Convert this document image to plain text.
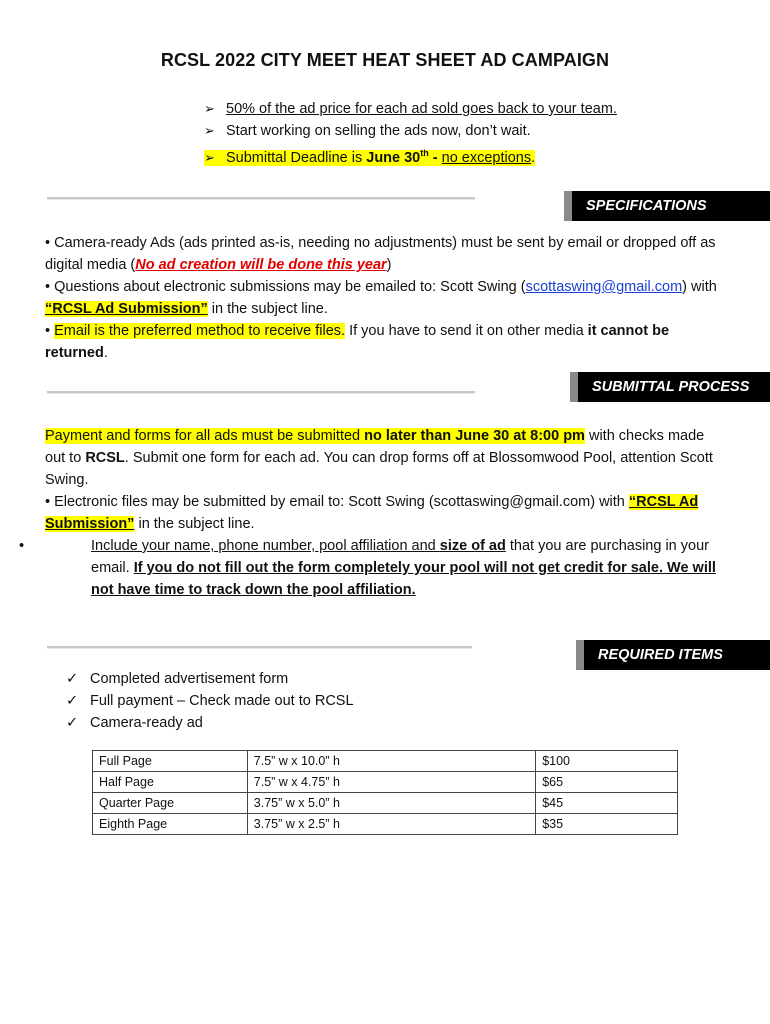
RCSL 2022 CITY MEET HEAT SHEET AD CAMPAIGN
➢ 50% of the ad price for each ad sold goes back to your team.
➢ Start working on selling the ads now, don’t wait.
➢ Submittal Deadline is June 30th - no exceptions.
SPECIFICATIONS

• Camera-ready Ads (ads printed as-is, needing no adjustments) must be sent by email or dropped off as digital media (No ad creation will be done this year)

• Questions about electronic submissions may be emailed to: Scott Swing (scottaswing@gmail.com) with “RCSL Ad Submission” in the subject line.

• Email is the preferred method to receive files. If you have to send it on other media it cannot be returned.

SUBMITTAL PROCESS

Payment and forms for all ads must be submitted no later than June 30 at 8:00 pm with checks made out to RCSL. Submit one form for each ad. You can drop forms off at Blossomwood Pool, attention Scott Swing.

• Electronic files may be submitted by email to: Scott Swing (scottaswing@gmail.com) with “RCSL Ad Submission” in the subject line.

•	Include your name, phone number, pool affiliation and size of ad that you are purchasing in your email. If you do not fill out the form completely your pool will not get credit for sale. We will not have time to track down the pool affiliation.

REQUIRED ITEMS
✓ Completed advertisement form
✓ Full payment – Check made out to RCSL
✓ Camera-ready ad
Full Page	7.5” w x 10.0” h	$100
Half Page	7.5” w x 4.75” h	$65
Quarter Page	3.75” w x 5.0” h	$45
Eighth Page	3.75” w x 2.5” h	$35
